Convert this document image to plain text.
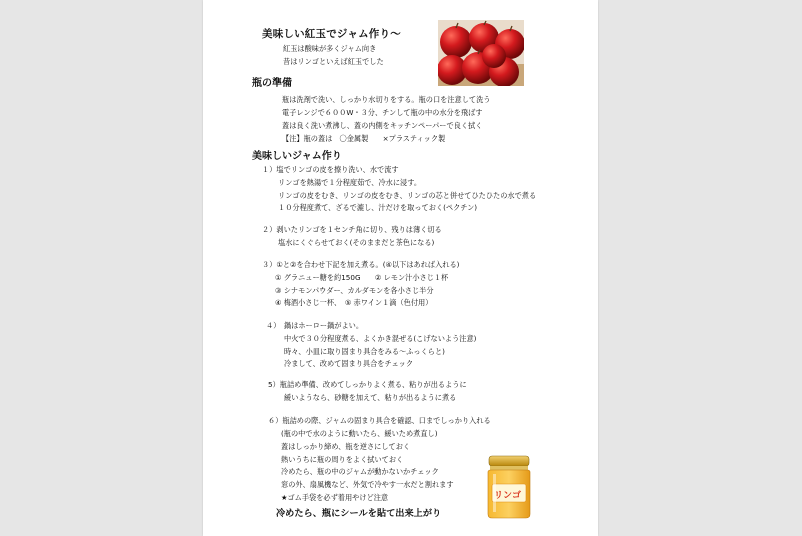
美味しい紅玉でジャム作り～
紅玉は酸味が多くジャム向き
昔はリンゴといえば紅玉でした
瓶の準備
瓶は洗剤で洗い、しっかり水切りをする。瓶の口を注意して洗う
電子レンジで６００W・３分、チンして瓶の中の水分を飛ばす
蓋は良く洗い煮沸し、蓋の内側をキッチンペーパーで良く拭く
【注】瓶の蓋は　〇金属製　　×プラスティック製
美味しいジャム作り
１）塩でリンゴの皮を擦り洗い、水で流す
リンゴを熱湯で１分程度茹で、冷水に浸す。
リンゴの皮をむき、リンゴの皮をむき、リンゴの芯と併せてひたひたの水で煮る
１０分程度煮て、ざるで漉し、汁だけを取っておく(ペクチン)
２）剥いたリンゴを１センチ角に切り、残りは薄く切る
塩水にくぐらせておく(そのままだと茶色になる)
３）①と②を合わせ下記を加え煮る。(④以下はあれば入れる)
① グラニュー糖を約150G　　② レモン汁小さじ１杯
③ シナモンパウダー、カルダモンを各小さじ半分
④ 梅酒小さじ一杯、　⑤ 赤ワイン１滴（色付用）
４）　鍋はホーロー鍋がよい。
中火で３０分程度煮る、よくかき混ぜる(こげないよう注意)
時々、小皿に取り固まり具合をみる～ふっくらと)
冷まして、改めて固まり具合をチェック
5）瓶詰め準備、改めてしっかりよく煮る、粘りが出るように
緩いようなら、砂糖を加えて、粘りが出るように煮る
６）瓶詰めの際、ジャムの固まり具合を確認、口までしっかり入れる
(瓶の中で水のように動いたら、緩いため煮直し)
蓋はしっかり締め、瓶を逆さにしておく
熱いうちに瓶の周りをよく拭いておく
冷めたら、瓶の中のジャムが動かないかチェック
窓の外、扇風機など、外気で冷やす一水だと割れます
★ゴム手袋を必ず着用やけど注意
冷めたら、瓶にシールを貼て出来上がり
リンゴ
